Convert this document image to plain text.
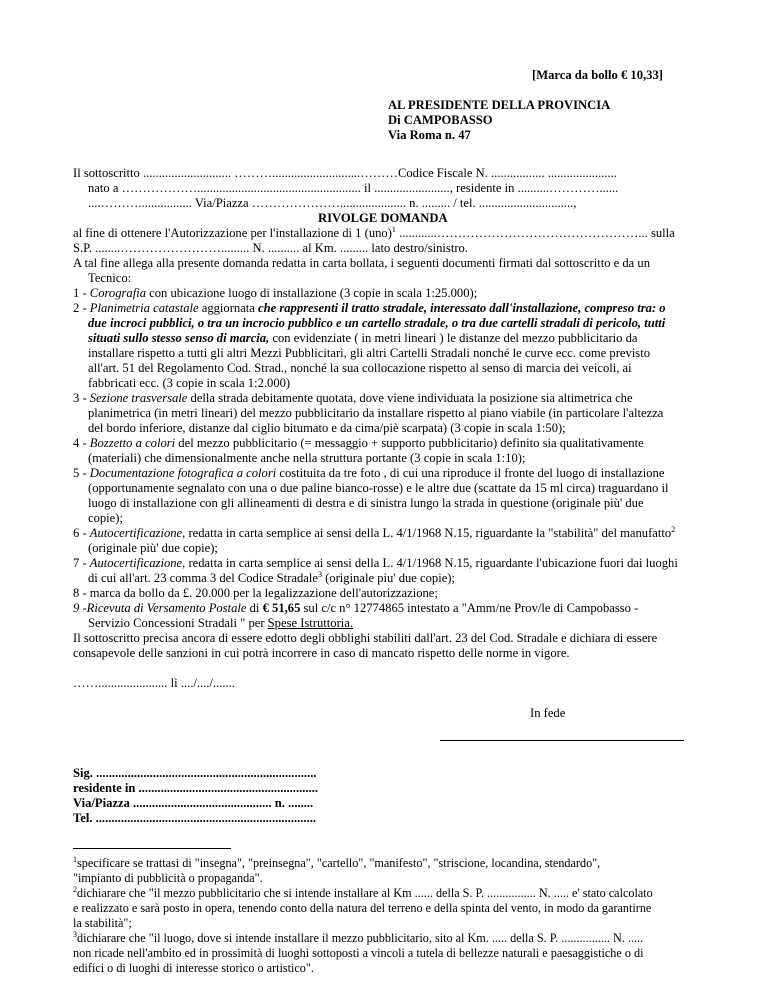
[Marca da bollo € 10,33]
AL PRESIDENTE DELLA PROVINCIA
Di CAMPOBASSO
Via Roma n. 47
Il sottoscritto ............................ ………............................………Codice Fiscale N. ................. ......................
nato a ……………….................................................... il ........................, residente in ..........…………......
....………................. Via/Piazza …………………..................... n. ......... / tel. ..............................,
RIVOLGE DOMANDA
al fine di ottenere l'Autorizzazione per l'installazione di 1 (uno)$^1$ ............…………………………………………... sulla
S.P. ........……………………......... N. .......... al Km. ......... lato destro/sinistro.
A tal fine allega alla presente domanda redatta in carta bollata, i seguenti documenti firmati dal sottoscritto e da un
Tecnico:
1 - Corografia con ubicazione luogo di installazione (3 copie in scala 1:25.000);
2 - Planimetria catastale aggiornata che rappresenti il tratto stradale, interessato dall'installazione, compreso tra: o
due incroci pubblici, o tra un incrocio pubblico e un cartello stradale, o tra due cartelli stradali di pericolo, tutti
situati sullo stesso senso di marcia, con evidenziate ( in metri lineari ) le distanze del mezzo pubblicitario da
installare rispetto a tutti gli altri Mezzi Pubblicitari, gli altri Cartelli Stradali nonché le curve ecc. come previsto
all'art. 51 del Regolamento Cod. Strad., nonché la sua collocazione rispetto al senso di marcia dei veicoli, ai
fabbricati ecc. (3 copie in scala 1:2.000)
3 - Sezione trasversale della strada debitamente quotata, dove viene individuata la posizione sia altimetrica che
planimetrica (in metri lineari) del mezzo pubblicitario da installare rispetto al piano viabile (in particolare l'altezza
del bordo inferiore, distanze dal ciglio bitumato e da cima/piè scarpata) (3 copie in scala 1:50);
4 - Bozzetto a colori del mezzo pubblicitario (= messaggio + supporto pubblicitario) definito sia qualitativamente
(materiali) che dimensionalmente anche nella struttura portante (3 copie in scala 1:10);
5 - Documentazione fotografica a colori costituita da tre foto , di cui una riproduce il fronte del luogo di installazione
(opportunamente segnalato con una o due paline bianco-rosse) e le altre due (scattate da 15 ml circa) traguardano il
luogo di installazione con gli allineamenti di destra e di sinistra lungo la strada in questione (originale più' due
copie);
6 - Autocertificazione, redatta in carta semplice ai sensi della L. 4/1/1968 N.15, riguardante la "stabilità" del manufatto$^2$
(originale più' due copie);
7 - Autocertificazione, redatta in carta semplice ai sensi della L. 4/1/1968 N.15, riguardante l'ubicazione fuori dai luoghi
di cui all'art. 23 comma 3 del Codice Stradale$^3$ (originale piu' due copie);
8 - marca da bollo da £. 20.000 per la legalizzazione dell'autorizzazione;
9 -Ricevuta di Versamento Postale di € 51,65 sul c/c n° 12774865 intestato a "Amm/ne Prov/le di Campobasso -
Servizio Concessioni Stradali " per Spese Istruttoria.
Il sottoscritto precisa ancora di essere edotto degli obblighi stabiliti dall'art. 23 del Cod. Stradale e dichiara di essere
consapevole delle sanzioni in cui potrà incorrere in caso di mancato rispetto delle norme in vigore.
……...................... lì ..../..../.......
In fede
Sig. ......................................................................
residente in .........................................................
Via/Piazza ............................................ n. ........
Tel. ......................................................................
$^1$specificare se trattasi di "insegna", "preinsegna", "cartello", "manifesto", "striscione, locandina, stendardo",
"impianto di pubblicità o propaganda".
$^2$dichiarare che "il mezzo pubblicitario che si intende installare al Km ...... della S. P. ................ N. ..... e' stato calcolato
e realizzato e sarà posto in opera, tenendo conto della natura del terreno e della spinta del vento, in modo da garantirne
la stabilità";
$^3$dichiarare che "il luogo, dove si intende installare il mezzo pubblicitario, sito al Km. ..... della S. P. ................ N. .....
non ricade nell'ambito ed in prossimità di luoghi sottoposti a vincoli a tutela di bellezze naturali e paesaggistiche o di
edifici o di luoghi di interesse storico o artistico".
